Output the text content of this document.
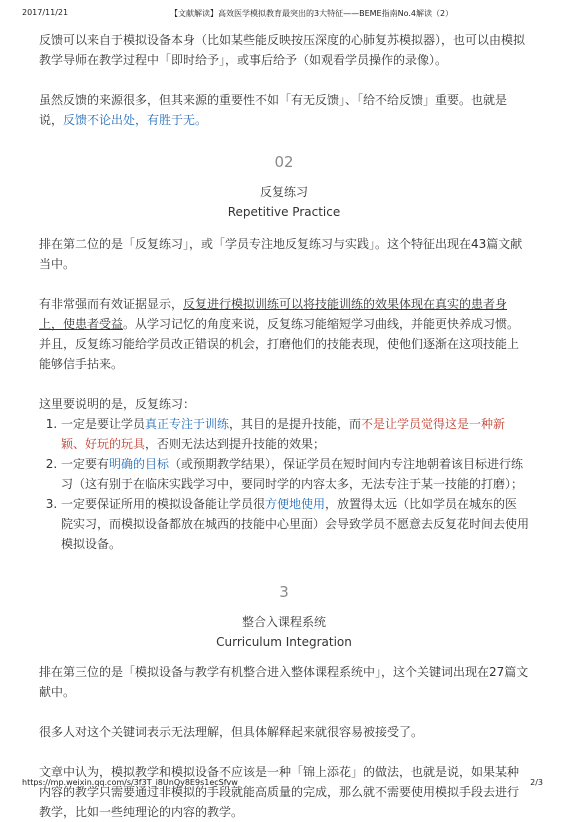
2017/11/21	【文献解读】高效医学模拟教育最突出的3大特征——BEME指南No.4解读（2）

反馈可以来自于模拟设备本身（比如某些能反映按压深度的心肺复苏模拟器），也可以由模拟教学导师在教学过程中「即时给予」，或事后给予（如观看学员操作的录像）。

虽然反馈的来源很多，但其来源的重要性不如「有无反馈」、「给不给反馈」重要。也就是说，反馈不论出处，有胜于无。

02
反复练习
Repetitive Practice

排在第二位的是「反复练习」，或「学员专注地反复练习与实践」。这个特征出现在43篇文献当中。

有非常强而有效证据显示，反复进行模拟训练可以将技能训练的效果体现在真实的患者身上，使患者受益。从学习记忆的角度来说，反复练习能缩短学习曲线，并能更快养成习惯。并且，反复练习能给学员改正错误的机会，打磨他们的技能表现，使他们逐渐在这项技能上能够信手拈来。

这里要说明的是，反复练习：

1. 一定是要让学员真正专注于训练，其目的是提升技能，而不是让学员觉得这是一种新颖、好玩的玩具，否则无法达到提升技能的效果；
2. 一定要有明确的目标（或预期教学结果），保证学员在短时间内专注地朝着该目标进行练习（这有别于在临床实践学习中，要同时学的内容太多，无法专注于某一技能的打磨）；
3. 一定要保证所用的模拟设备能让学员很方便地使用，放置得太远（比如学员在城东的医院实习，而模拟设备都放在城西的技能中心里面）会导致学员不愿意去反复花时间去使用模拟设备。
3
整合入课程系统
Curriculum Integration

排在第三位的是「模拟设备与教学有机整合进入整体课程系统中」，这个关键词出现在27篇文献中。

很多人对这个关键词表示无法理解，但具体解释起来就很容易被接受了。

文章中认为，模拟教学和模拟设备不应该是一种「锦上添花」的做法，也就是说，如果某种内容的教学只需要通过非模拟的手段就能高质量的完成，那么就不需要使用模拟手段去进行教学，比如一些纯理论的内容的教学。

https://mp.weixin.qq.com/s/3f3T_i8UnQy8E9s1ecSfvw	2/3
